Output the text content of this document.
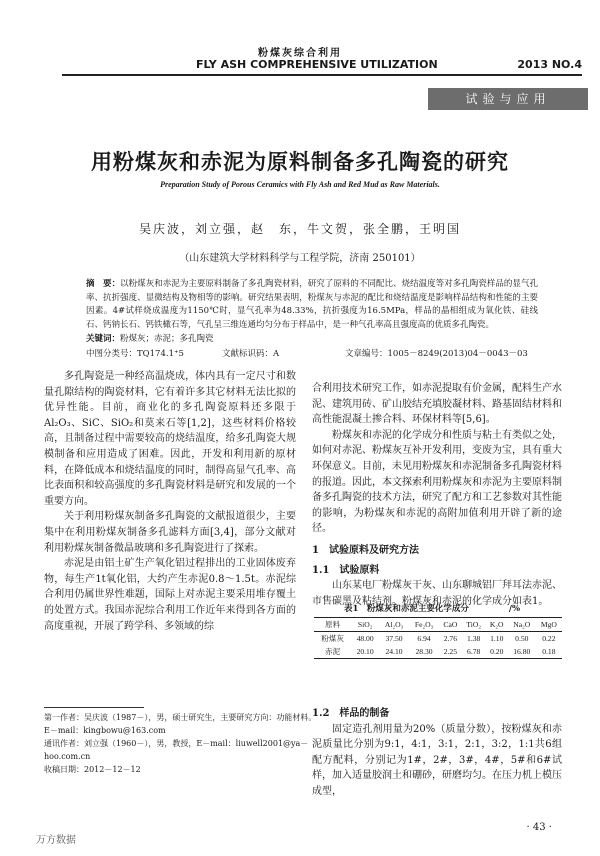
粉煤灰综合利用
FLY ASH COMPREHENSIVE UTILIZATION	2013 NO.4
试验与应用
用粉煤灰和赤泥为原料制备多孔陶瓷的研究
Preparation Study of Porous Ceramics with Fly Ash and Red Mud as Raw Materials.
吴庆波，刘立强，赵　东，牛文贺，张全鹏，王明国
（山东建筑大学材料科学与工程学院，济南 250101）
摘　要：以粉煤灰和赤泥为主要原料制备了多孔陶瓷材料，研究了原料的不同配比、烧结温度等对多孔陶瓷样品的显气孔率、抗折强度、显微结构及物相等的影响。研究结果表明，粉煤灰与赤泥的配比和烧结温度是影响样品结构和性能的主要因素。4#试样烧成温度为1150℃时，显气孔率为48.33%，抗折强度为16.5MPa，样品的晶相组成为氧化铁、硅线石、钙钠长石、钙铁橄石等，气孔呈三维连通均匀分布于样品中，是一种气孔率高且强度高的优质多孔陶瓷。
关键词：粉煤灰；赤泥；多孔陶瓷
中图分类号：TQ174.1⁺5	文献标识码：A	文章编号：1005－8249(2013)04－0043－03

多孔陶瓷是一种经高温烧成，体内具有一定尺寸和数量孔隙结构的陶瓷材料，它有着许多其它材料无法比拟的优异性能。目前，商业化的多孔陶瓷原料还多限于Al₂O₃、SiC、SiO₂和莫来石等[1,2]，这些材料价格较高，且制备过程中需要较高的烧结温度，给多孔陶瓷大规模制备和应用造成了困难。因此，开发和利用新的原材料，在降低成本和烧结温度的同时，制得高显气孔率、高比表面积和较高强度的多孔陶瓷材料是研究和发展的一个重要方向。

关于利用粉煤灰制备多孔陶瓷的文献报道很少，主要集中在利用粉煤灰制备多孔滤料方面[3,4]，部分文献对利用粉煤灰制备微晶玻璃和多孔陶瓷进行了探索。

赤泥是由铝土矿生产氧化铝过程排出的工业固体废弃物，每生产1t氧化铝，大约产生赤泥0.8～1.5t。赤泥综合利用仍属世界性难题，国际上对赤泥主要采用堆存覆土的处置方式。我国赤泥综合利用工作近年来得到各方面的高度重视，开展了跨学科、多领域的综

第一作者：吴庆波（1987－），男，硕士研究生，主要研究方向：功能材料。
E－mail：kingbowu@163.com
通讯作者：刘立强（1960－），男，教授，E－mail：liuwell2001@ya－
hoo.com.cn
收稿日期：2012－12－12

合利用技术研究工作，如赤泥提取有价金属，配料生产水泥、建筑用砖、矿山胶结充填胶凝材料、路基固结材料和高性能混凝土掺合料、环保材料等[5,6]。

粉煤灰和赤泥的化学成分和性质与粘土有类似之处，如何对赤泥、粉煤灰互补开发利用，变废为宝，具有重大环保意义。目前，未见用粉煤灰和赤泥制备多孔陶瓷材料的报道。因此，本文探索利用粉煤灰和赤泥为主要原料制备多孔陶瓷的技术方法，研究了配方和工艺参数对其性能的影响，为粉煤灰和赤泥的高附加值利用开辟了新的途径。

1　试验原料及研究方法
1.1　试验原料

山东某电厂粉煤灰干灰、山东聊城铝厂拜耳法赤泥、市售碳黑及粘结剂。粉煤灰和赤泥的化学成分如表1。

表1　粉煤灰和赤泥主要化学成分	/%
原料	SiO₂	Al₂O₃	Fe₂O₃	CaO	TiO₂	K₂O	Na₂O	MgO
粉煤灰	48.00	37.50	6.94	2.76	1.38	1.10	0.50	0.22
赤泥	20.10	24.10	28.30	2.25	6.78	0.20	16.80	0.18
1.2　样品的制备

固定造孔剂用量为20%（质量分数），按粉煤灰和赤泥质量比分别为9:1，4:1，3:1，2:1，3:2，1:1共6组配方配料，分别记为1#，2#，3#，4#，5#和6#试样，加入适量胶润土和硼砂，研磨均匀。在压力机上模压成型，

· 43 ·
万方数据
